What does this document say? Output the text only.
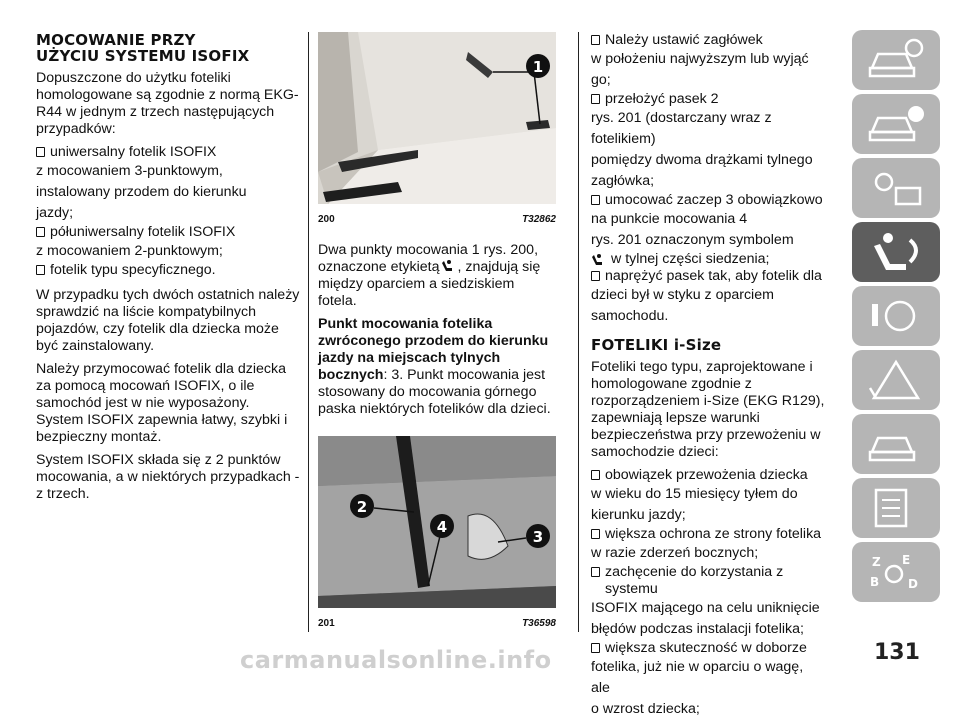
MOCOWANIE PRZY
UŻYCIU SYSTEMU ISOFIX

Dopuszczone do użytku foteliki homologowane są zgodnie z normą EKG-R44 w jednym z trzech następujących przypadków:

uniwersalny fotelik ISOFIX
z mocowaniem 3-punktowym,
instalowany przodem do kierunku
jazdy;
półuniwersalny fotelik ISOFIX
z mocowaniem 2-punktowym;
fotelik typu specyficznego.

W przypadku tych dwóch ostatnich należy sprawdzić na liście kompatybilnych pojazdów, czy fotelik dla dziecka może być zainstalowany.

Należy przymocować fotelik dla dziecka za pomocą mocowań ISOFIX, o ile samochód jest w nie wyposażony. System ISOFIX zapewnia łatwy, szybki i bezpieczny montaż.

System ISOFIX składa się z 2 punktów mocowania, a w niektórych przypadkach - z trzech.

1
200	T32862

Dwa punkty mocowania 1 rys. 200, oznaczone etykietą , znajdują się między oparciem a siedziskiem fotela.

Punkt mocowania fotelika zwróconego przodem do kierunku jazdy na miejscach tylnych bocznych: 3. Punkt mocowania jest stosowany do mocowania górnego paska niektórych fotelików dla dzieci.

2
4
3
201	T36598
Należy ustawić zagłówek
w położeniu najwyższym lub wyjąć go;
przełożyć pasek 2
rys. 201 (dostarczany wraz z fotelikiem)
pomiędzy dwoma drążkami tylnego
zagłówka;
umocować zaczep 3 obowiązkowo
na punkcie mocowania 4
rys. 201 oznaczonym symbolem
w tylnej części siedzenia;
naprężyć pasek tak, aby fotelik dla

dzieci był w styku z oparciem samochodu.

FOTELIKI i-Size

Foteliki tego typu, zaprojektowane i homologowane zgodnie z rozporządzeniem i-Size (EKG R129), zapewniają lepsze warunki bezpieczeństwa przy przewożeniu w samochodzie dzieci:

obowiązek przewożenia dziecka
w wieku do 15 miesięcy tyłem do
kierunku jazdy;
większa ochrona ze strony fotelika
w razie zderzeń bocznych;
zachęcenie do korzystania z systemu
ISOFIX mającego na celu uniknięcie
błędów podczas instalacji fotelika;
większa skuteczność w doborze
fotelika, już nie w oparciu o wagę, ale
o wzrost dziecka;
Z E
B D
131
carmanualsonline.info
